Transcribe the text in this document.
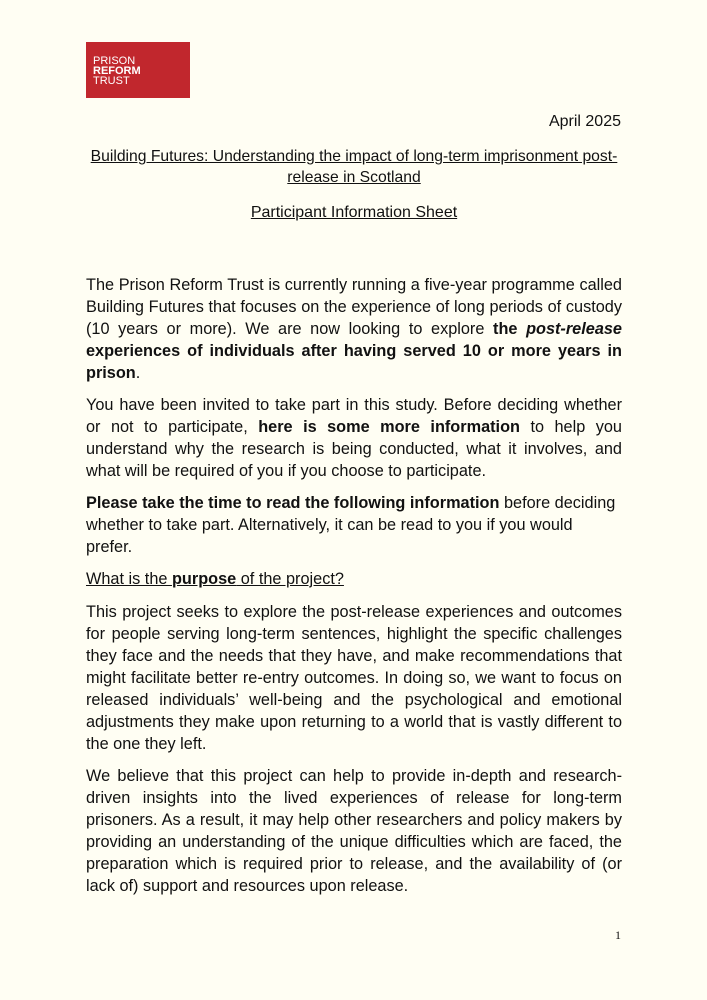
PRISON
REFORM
TRUST
April 2025
Building Futures: Understanding the impact of long-term imprisonment post-release in Scotland
Participant Information Sheet

The Prison Reform Trust is currently running a five-year programme called Building Futures that focuses on the experience of long periods of custody (10 years or more). We are now looking to explore the post-release experiences of individuals after having served 10 or more years in prison.

You have been invited to take part in this study. Before deciding whether or not to participate, here is some more information to help you understand why the research is being conducted, what it involves, and what will be required of you if you choose to participate.

Please take the time to read the following information before deciding whether to take part. Alternatively, it can be read to you if you would prefer.

What is the purpose of the project?

This project seeks to explore the post-release experiences and outcomes for people serving long-term sentences, highlight the specific challenges they face and the needs that they have, and make recommendations that might facilitate better re-entry outcomes. In doing so, we want to focus on released individuals’ well-being and the psychological and emotional adjustments they make upon returning to a world that is vastly different to the one they left.

We believe that this project can help to provide in-depth and research-driven insights into the lived experiences of release for long-term prisoners. As a result, it may help other researchers and policy makers by providing an understanding of the unique difficulties which are faced, the preparation which is required prior to release, and the availability of (or lack of) support and resources upon release.

1
